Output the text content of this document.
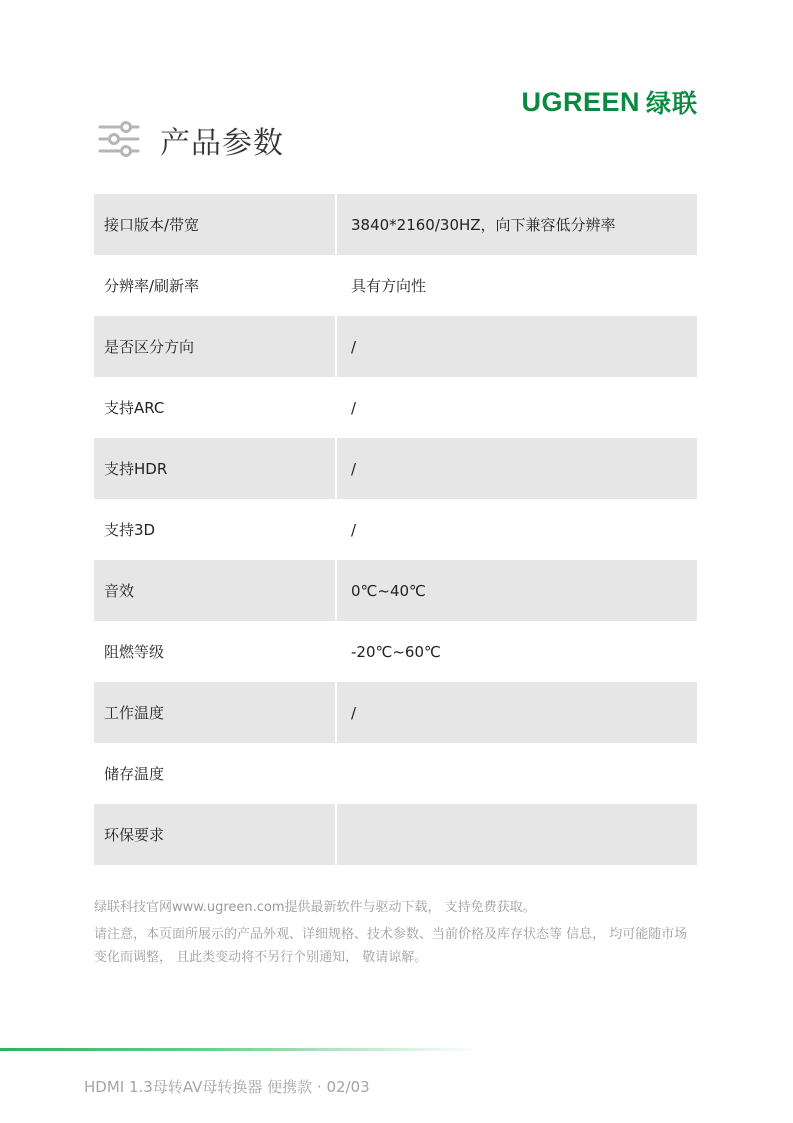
UGREEN 绿联
产品参数
接口版本/带宽	3840*2160/30HZ，向下兼容低分辨率
分辨率/刷新率	具有方向性
是否区分方向	/
支持ARC	/
支持HDR	/
支持3D	/
音效	0℃~40℃
阻燃等级	-20℃~60℃
工作温度	/
储存温度	
环保要求	

绿联科技官网www.ugreen.com提供最新软件与驱动下载， 支持免费获取。

请注意，本页面所展示的产品外观、详细规格、技术参数、当前价格及库存状态等 信息， 均可能随市场变化而调整， 且此类变动将不另行个别通知， 敬请谅解。

HDMI 1.3母转AV母转换器 便携款 · 02/03
